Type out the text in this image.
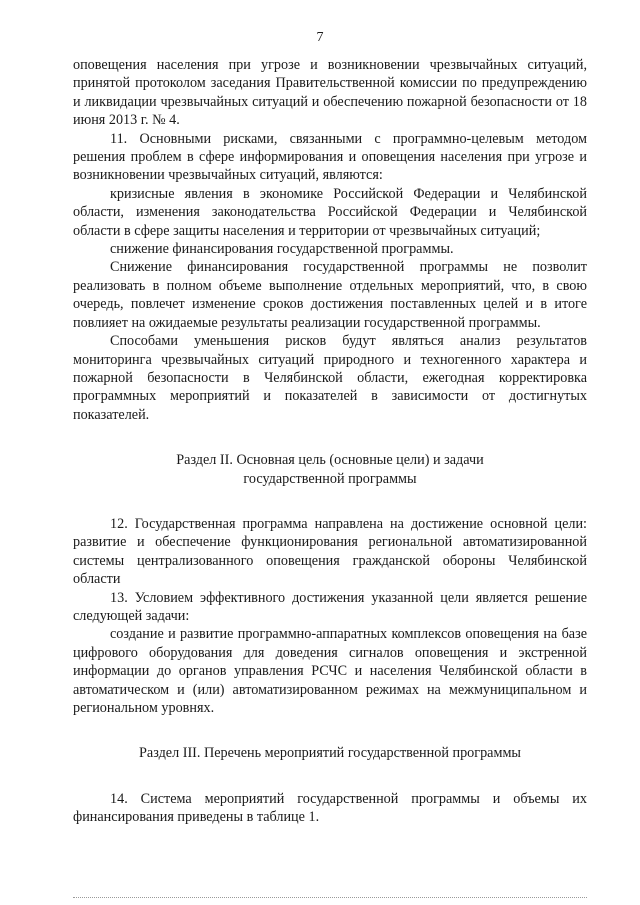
7

оповещения населения при угрозе и возникновении чрезвычайных ситуаций, принятой протоколом заседания Правительственной комиссии по предупреждению и ликвидации чрезвычайных ситуаций и обеспечению пожарной безопасности от 18 июня 2013 г. № 4.

11. Основными рисками, связанными с программно-целевым методом решения проблем в сфере информирования и оповещения населения при угрозе и возникновении чрезвычайных ситуаций, являются:

кризисные явления в экономике Российской Федерации и Челябинской области, изменения законодательства Российской Федерации и Челябинской области в сфере защиты населения и территории от чрезвычайных ситуаций;

снижение финансирования государственной программы.

Снижение финансирования государственной программы не позволит реализовать в полном объеме выполнение отдельных мероприятий, что, в свою очередь, повлечет изменение сроков достижения поставленных целей и в итоге повлияет на ожидаемые результаты реализации государственной программы.

Способами уменьшения рисков будут являться анализ результатов мониторинга чрезвычайных ситуаций природного и техногенного характера и пожарной безопасности в Челябинской области, ежегодная корректировка программных мероприятий и показателей в зависимости от достигнутых показателей.

Раздел II. Основная цель (основные цели) и задачи

государственной программы

12. Государственная программа направлена на достижение основной цели: развитие и обеспечение функционирования региональной автоматизированной системы централизованного оповещения гражданской обороны Челябинской области

13. Условием эффективного достижения указанной цели является решение следующей задачи:

создание и развитие программно-аппаратных комплексов оповещения на базе цифрового оборудования для доведения сигналов оповещения и экстренной информации до органов управления РСЧС и населения Челябинской области в автоматическом и (или) автоматизированном режимах на межмуниципальном и региональном уровнях.

Раздел III. Перечень мероприятий государственной программы

14. Система мероприятий государственной программы и объемы их финансирования приведены в таблице 1.
